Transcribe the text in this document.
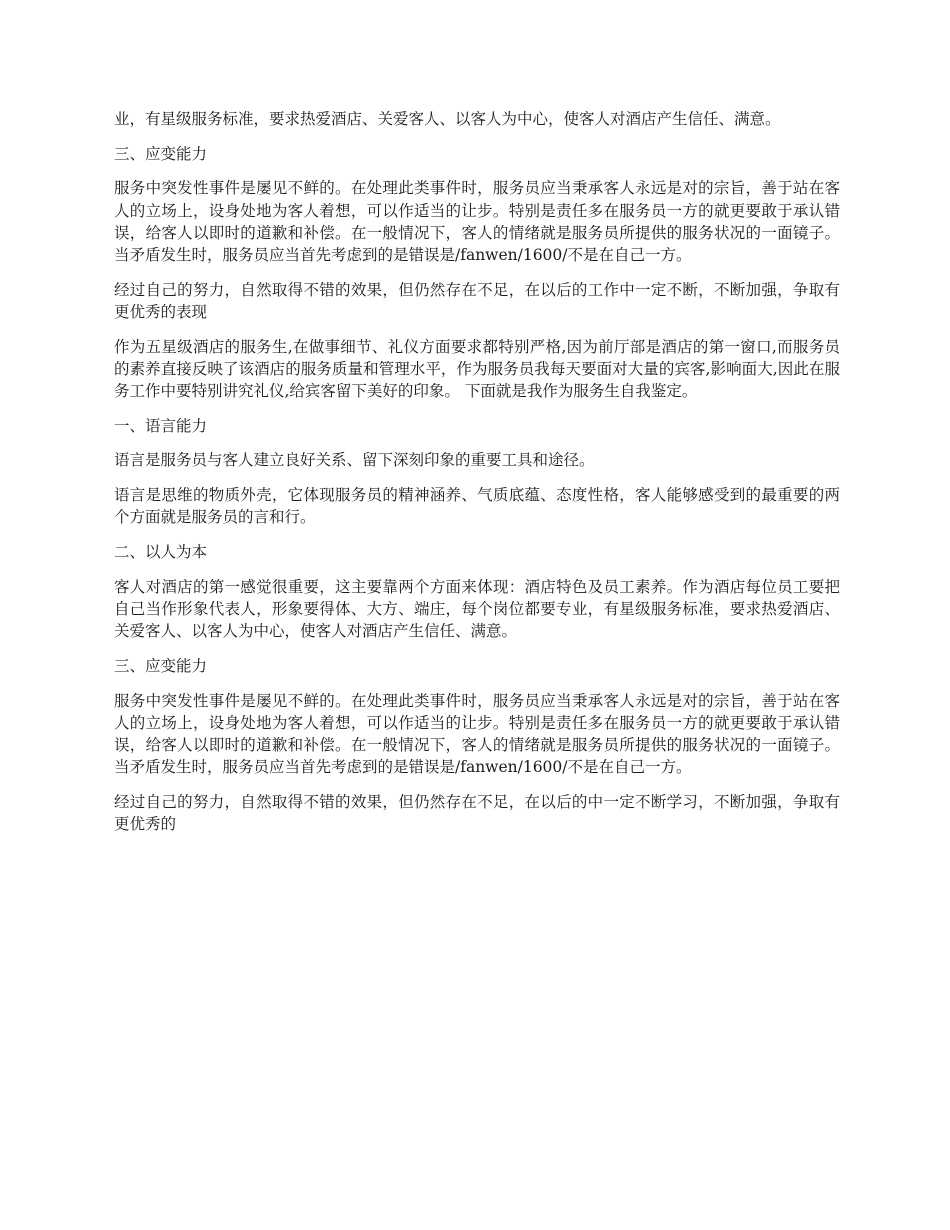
业，有星级服务标准，要求热爱酒店、关爱客人、以客人为中心，使客人对酒店产生信任、满意。

三、应变能力

服务中突发性事件是屡见不鲜的。在处理此类事件时，服务员应当秉承客人永远是对的宗旨，善于站在客人的立场上，设身处地为客人着想，可以作适当的让步。特别是责任多在服务员一方的就更要敢于承认错误，给客人以即时的道歉和补偿。在一般情况下，客人的情绪就是服务员所提供的服务状况的一面镜子。当矛盾发生时，服务员应当首先考虑到的是错误是/fanwen/1600/不是在自己一方。

经过自己的努力，自然取得不错的效果，但仍然存在不足，在以后的工作中一定不断，不断加强，争取有更优秀的表现

作为五星级酒店的服务生,在做事细节、礼仪方面要求都特别严格,因为前厅部是酒店的第一窗口,而服务员的素养直接反映了该酒店的服务质量和管理水平，作为服务员我每天要面对大量的宾客,影响面大,因此在服务工作中要特别讲究礼仪,给宾客留下美好的印象。 下面就是我作为服务生自我鉴定。

一、语言能力

语言是服务员与客人建立良好关系、留下深刻印象的重要工具和途径。

语言是思维的物质外壳，它体现服务员的精神涵养、气质底蕴、态度性格，客人能够感受到的最重要的两个方面就是服务员的言和行。

二、以人为本

客人对酒店的第一感觉很重要，这主要靠两个方面来体现：酒店特色及员工素养。作为酒店每位员工要把自己当作形象代表人，形象要得体、大方、端庄，每个岗位都要专业，有星级服务标准，要求热爱酒店、关爱客人、以客人为中心，使客人对酒店产生信任、满意。

三、应变能力

服务中突发性事件是屡见不鲜的。在处理此类事件时，服务员应当秉承客人永远是对的宗旨，善于站在客人的立场上，设身处地为客人着想，可以作适当的让步。特别是责任多在服务员一方的就更要敢于承认错误，给客人以即时的道歉和补偿。在一般情况下，客人的情绪就是服务员所提供的服务状况的一面镜子。当矛盾发生时，服务员应当首先考虑到的是错误是/fanwen/1600/不是在自己一方。

经过自己的努力，自然取得不错的效果，但仍然存在不足，在以后的中一定不断学习，不断加强，争取有更优秀的
